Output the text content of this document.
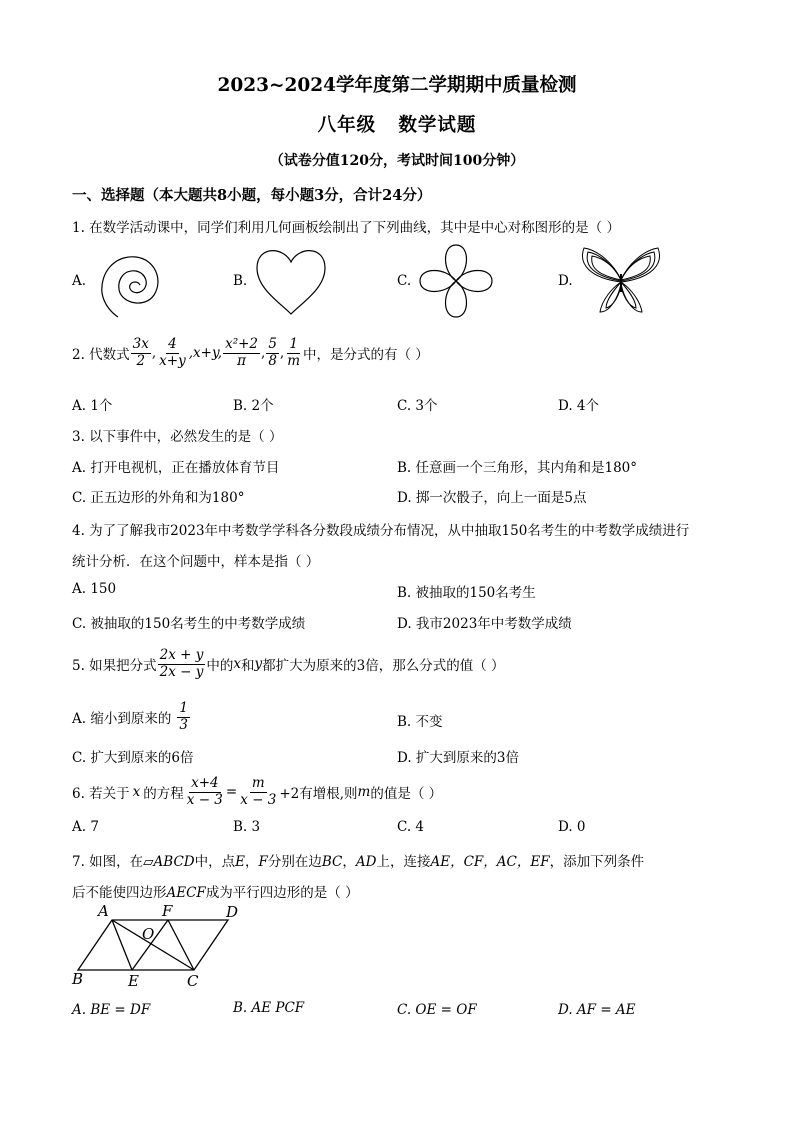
2023~2024学年度第二学期期中质量检测
八年级   数学试题
（试卷分值120分，考试时间100分钟）
一、选择题（本大题共8小题，每小题3分，合计24分）
1. 在数学活动课中，同学们利用几何画板绘制出了下列曲线，其中是中心对称图形的是（ ）
A.	B.	C.	D.
2. 代数式 $\frac{3x}{2}$ , $\frac{4}{x+y} ,x+y$, $\frac{\text{x²+2}}{\pi}$ , $\frac{5}{8}$ , $\frac{1}{m}$ 中，是分式的有（ ）
A. 1个	B. 2个	C. 3个	D. 4个
3. 以下事件中，必然发生的是（ ）
A. 打开电视机，正在播放体育节目	B. 任意画一个三角形，其内角和是180°
C. 正五边形的外角和为180°	D. 掷一次骰子，向上一面是5点
4. 为了了解我市2023年中考数学学科各分数段成绩分布情况，从中抽取150名考生的中考数学成绩进行
统计分析．在这个问题中，样本是指（ ）
A. 150	B. 被抽取的150名考生
C. 被抽取的150名考生的中考数学成绩	D. 我市2023年中考数学成绩
5. 如果把分式 $\frac{2x + y}{2x - y}$ 中的 x 和 y 都扩大为原来的3倍，那么分式的值（ ）
A. 缩小到原来的 $\frac{1}{3}$	B. 不变
C. 扩大到原来的6倍	D. 扩大到原来的3倍
6. 若关于 x 的方程 $\frac{x+4}{x - 3} = \frac{m}{x - 3} +2$有增根,则 m 的值是（ ）
A. 7	B. 3	C. 4	D. 0
7. 如图，在▱ABCD中，点E，F分别在边BC，AD上，连接AE，CF，AC，EF，添加下列条件
后不能使四边形AECF成为平行四边形的是（ ）
A	F	D
O
B	E	C
A. BE = DF	B. AE PCF	C. OE = OF	D. AF = AE
